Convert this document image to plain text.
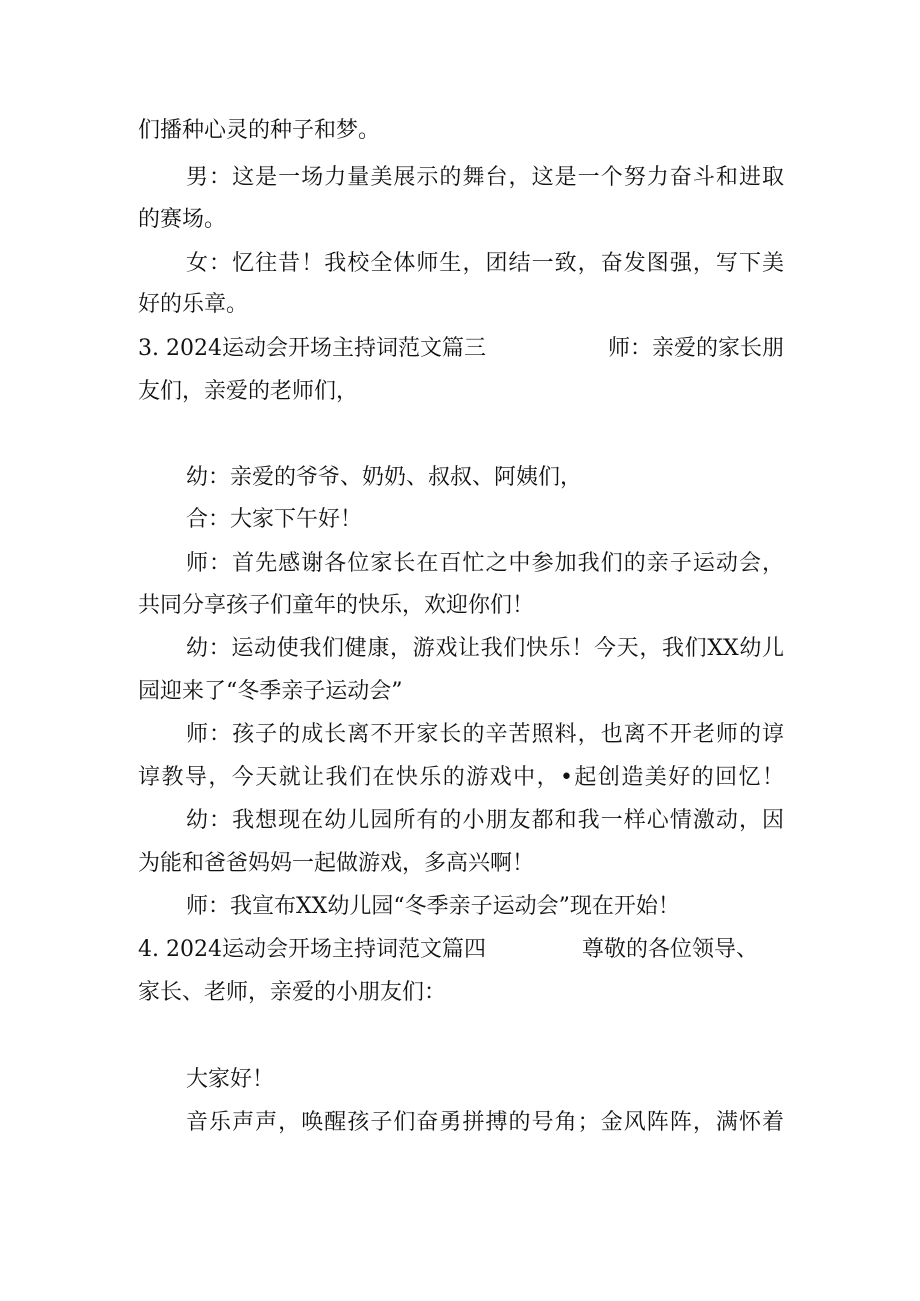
们播种心灵的种子和梦。
男：这是一场力量美展示的舞台，这是一个努力奋斗和进取
的赛场。
女：忆往昔！我校全体师生，团结一致，奋发图强，写下美
好的乐章。
3. 2024运动会开场主持词范文篇三	师：亲爱的家长朋
友们，亲爱的老师们，
幼：亲爱的爷爷、奶奶、叔叔、阿姨们，
合：大家下午好！
师：首先感谢各位家长在百忙之中参加我们的亲子运动会，
共同分享孩子们童年的快乐，欢迎你们！
幼：运动使我们健康，游戏让我们快乐！今天，我们XX幼儿
园迎来了“冬季亲子运动会”
师：孩子的成长离不开家长的辛苦照料，也离不开老师的谆
谆教导，今天就让我们在快乐的游戏中，•起创造美好的回忆！
幼：我想现在幼儿园所有的小朋友都和我一样心情激动，因
为能和爸爸妈妈一起做游戏，多高兴啊！
师：我宣布XX幼儿园“冬季亲子运动会”现在开始！
4. 2024运动会开场主持词范文篇四	尊敬的各位领导、
家长、老师，亲爱的小朋友们：
大家好！
音乐声声，唤醒孩子们奋勇拼搏的号角；金风阵阵，满怀着
